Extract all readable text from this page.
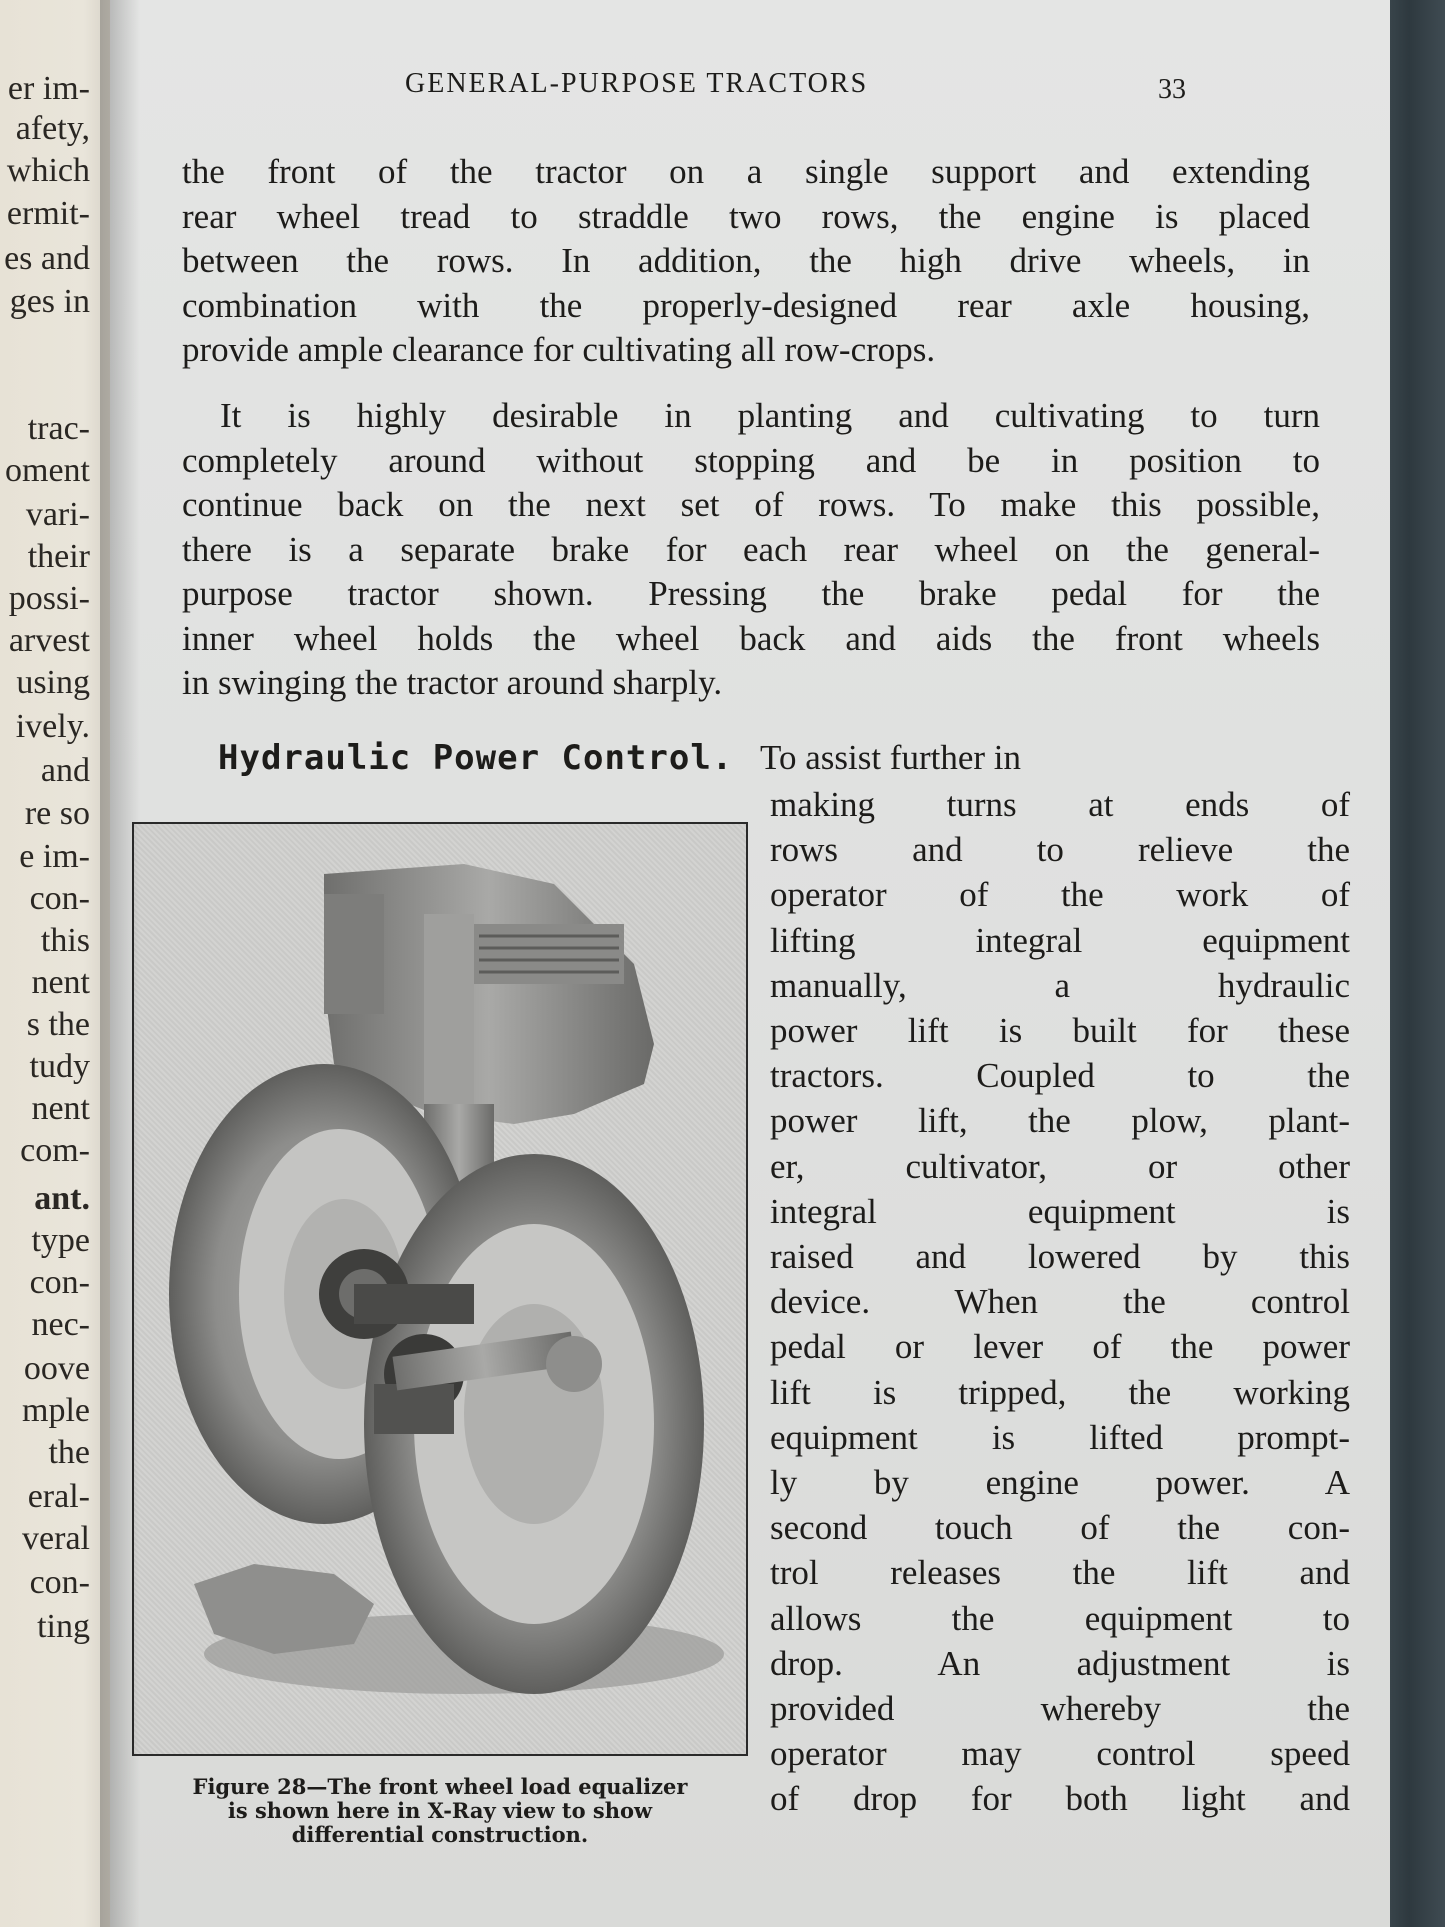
er im-
afety,
which
ermit-
es and
ges in
trac-
oment
vari-
their
possi-
arvest
using
ively.
and
re so
e im-
con-
this
nent
s the
tudy
nent
com-
ant.
type
con-
nec-
oove
mple
the
eral-
veral
con-
ting
GENERAL-PURPOSE TRACTORS	33
the front of the tractor on a single support and extending
rear wheel tread to straddle two rows, the engine is placed
between the rows. In addition, the high drive wheels, in
combination with the properly-designed rear axle housing,
provide ample clearance for cultivating all row-crops.
It is highly desirable in planting and cultivating to turn
completely around without stopping and be in position to
continue back on the next set of rows. To make this possible,
there is a separate brake for each rear wheel on the general-
purpose tractor shown. Pressing the brake pedal for the
inner wheel holds the wheel back and aids the front wheels
in swinging the tractor around sharply.
Hydraulic Power Control. To assist further in
making turns at ends of
rows and to relieve the
operator of the work of
lifting integral equipment
manually, a hydraulic
power lift is built for these
tractors. Coupled to the
power lift, the plow, plant-
er, cultivator, or other
integral equipment is
raised and lowered by this
device. When the control
pedal or lever of the power
lift is tripped, the working
equipment is lifted prompt-
ly by engine power. A
second touch of the con-
trol releases the lift and
allows the equipment to
drop. An adjustment is
provided whereby the
operator may control speed
of drop for both light and
Figure 28—The front wheel load equalizer
is shown here in X-Ray view to show
differential construction.
